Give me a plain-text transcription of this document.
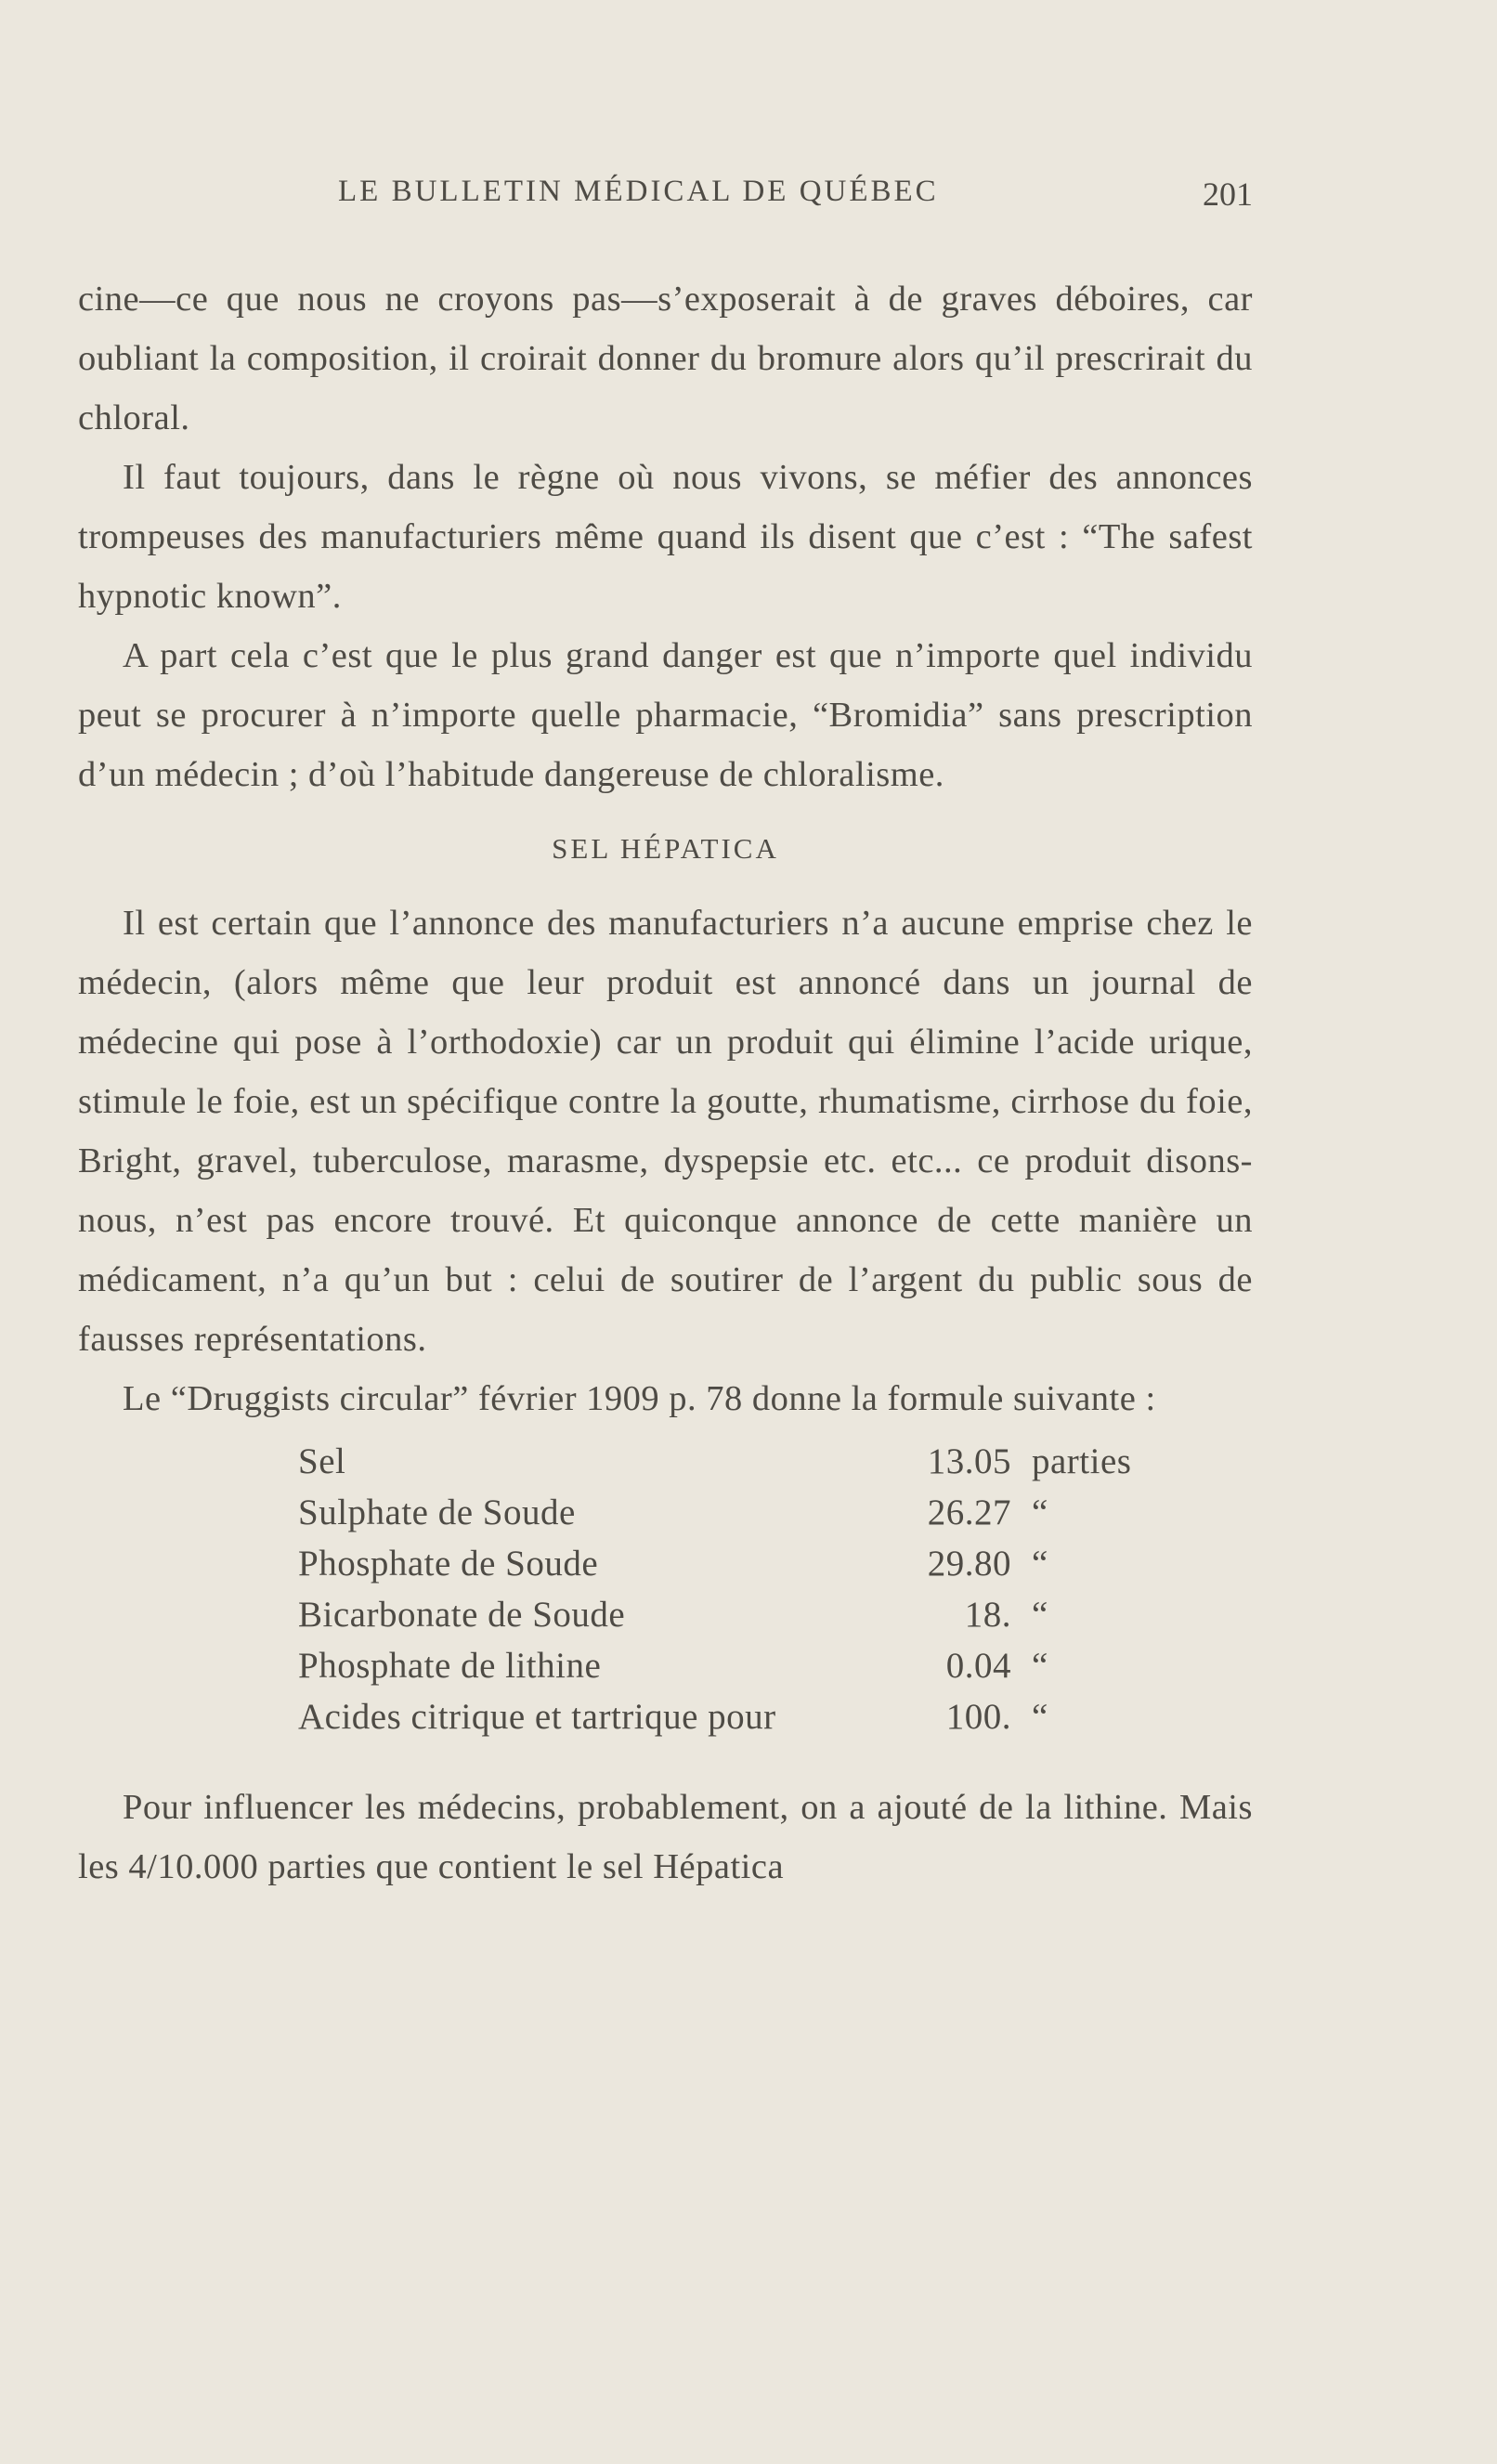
LE BULLETIN MÉDICAL DE QUÉBEC	201

cine—ce que nous ne croyons pas—s’exposerait à de graves déboires, car oubliant la composition, il croirait donner du bromure alors qu’il prescrirait du chloral.

Il faut toujours, dans le règne où nous vivons, se méfier des annonces trompeuses des manufacturiers même quand ils disent que c’est : “The safest hypnotic known”.

A part cela c’est que le plus grand danger est que n’importe quel individu peut se procurer à n’importe quelle pharmacie, “Bromidia” sans prescription d’un médecin ; d’où l’habitude dangereuse de chloralisme.

SEL HÉPATICA

Il est certain que l’annonce des manufacturiers n’a aucune emprise chez le médecin, (alors même que leur produit est annoncé dans un journal de médecine qui pose à l’orthodoxie) car un produit qui élimine l’acide urique, stimule le foie, est un spécifique contre la goutte, rhumatisme, cirrhose du foie, Bright, gravel, tuberculose, marasme, dyspepsie etc. etc... ce produit disons-nous, n’est pas encore trouvé. Et quiconque annonce de cette manière un médicament, n’a qu’un but : celui de soutirer de l’argent du public sous de fausses représentations.

Le “Druggists circular” février 1909 p. 78 donne la formule suivante :

Sel	13.05 parties
Sulphate de Soude	26.27 “
Phosphate de Soude	29.80 “
Bicarbonate de Soude	18. “
Phosphate de lithine	0.04 “
Acides citrique et tartrique pour	100. “

Pour influencer les médecins, probablement, on a ajouté de la lithine. Mais les 4/10.000 parties que contient le sel Hépatica
